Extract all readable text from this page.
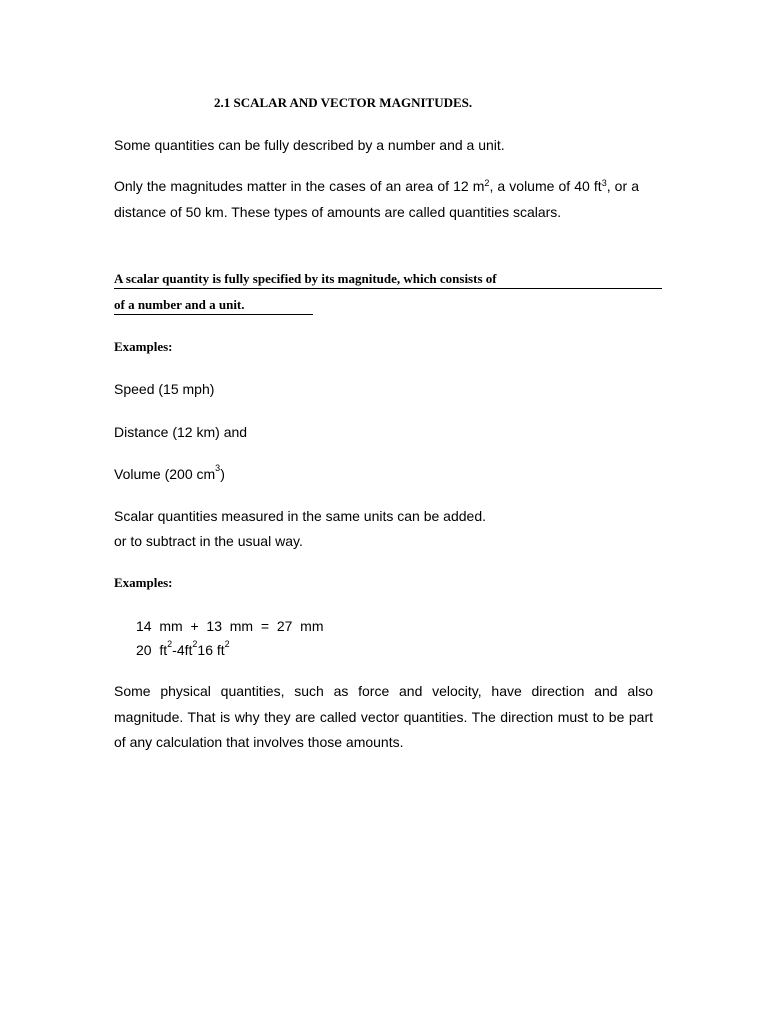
2.1 SCALAR AND VECTOR MAGNITUDES.
Some quantities can be fully described by a number and a unit.
Only the magnitudes matter in the cases of an area of 12 $m^2$, a volume of 40 $ft^3$, or a distance of 50 km. These types of amounts are called quantities scalars.
A scalar quantity is fully specified by its magnitude, which consists of
of a number and a unit.
Examples:
Speed (15 mph)
Distance (12 km) and
Volume (200 $cm^3$)
Scalar quantities measured in the same units can be added.
or to subtract in the usual way.
Examples:
14  mm  +  13  mm  =  27  mm
20  $ft^2-4ft^216$ $ft^2$
Some physical quantities, such as force and velocity, have direction and also magnitude. That is why they are called vector quantities. The direction must to be part of any calculation that involves those amounts.
